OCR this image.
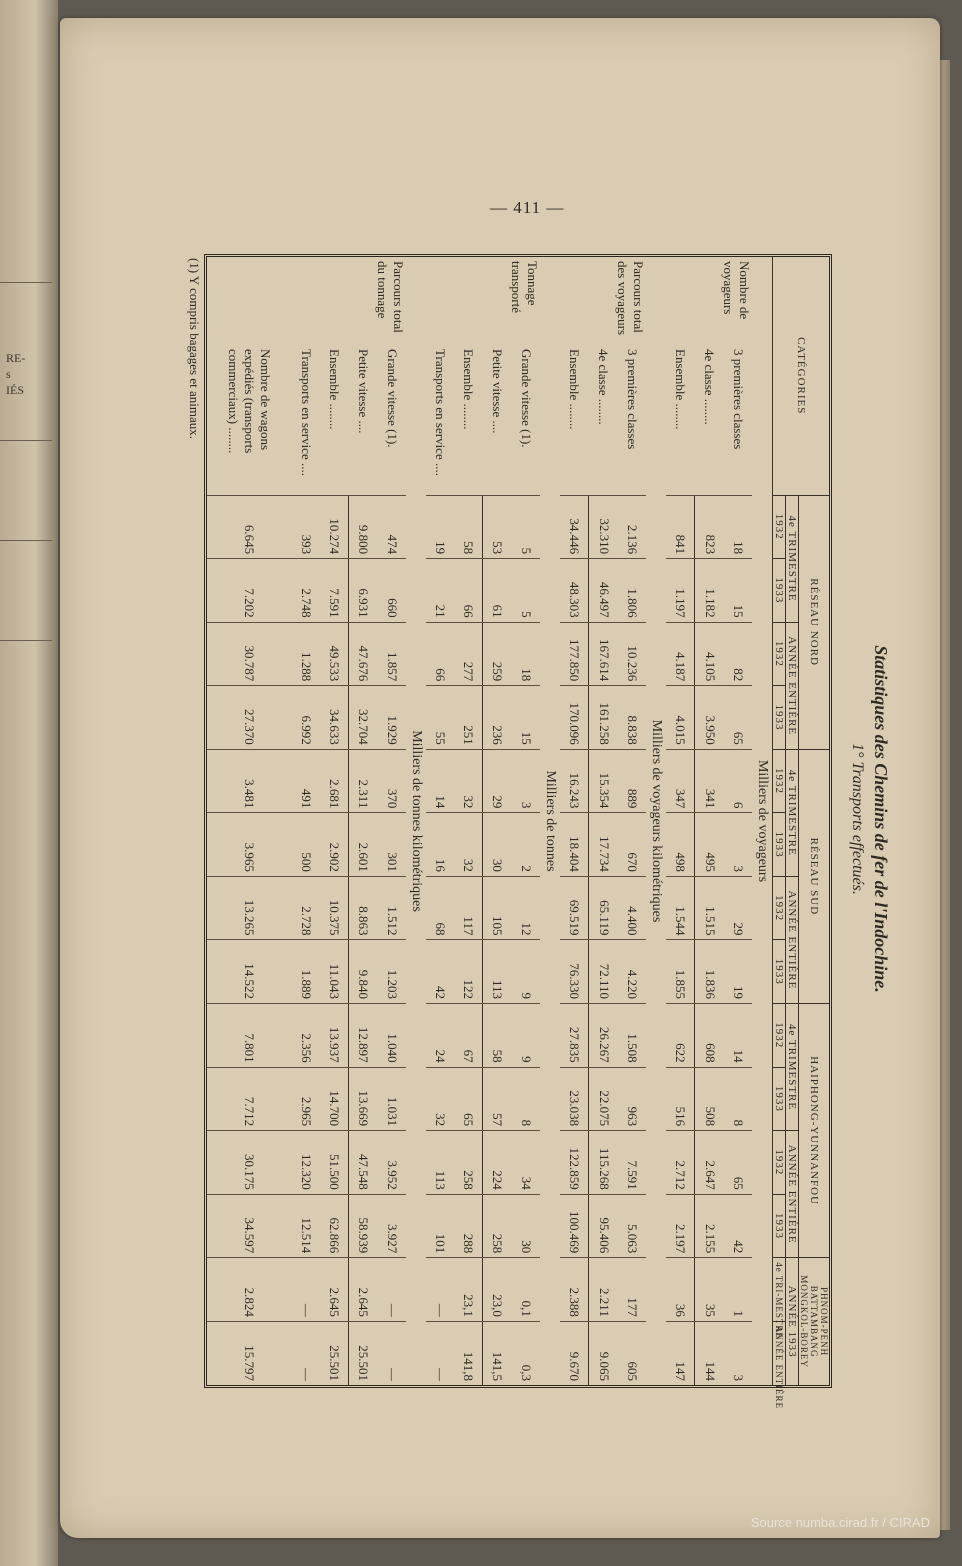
RE-
s
IÉS
— 411 —
Statistiques des Chemins de fer de l'Indochine.
1° Transports effectués.
CATÉGORIES		RÉSEAU NORD				RÉSEAU SUD				HAIPHONG-YUNNANFOU				PHNOM-PENH BATTAMBANG MONGKOL-BOREY	
		4e TRIMESTRE		ANNÉE ENTIÈRE		4e TRIMESTRE		ANNÉE ENTIÈRE		4e TRIMESTRE		ANNÉE ENTIÈRE		ANNÉE 1933	
		1932	1933	1932	1933	1932	1933	1932	1933	1932	1933	1932	1933	4e TRI-MESTRE	ANNÉE ENTIÈRE
Milliers de voyageurs															
Nombre de voyageurs	3 premières classes	18	15	82	65	6	3	29	19	14	8	65	42	1	3
	4e classe ........	823	1.182	4.105	3.950	341	495	1.515	1.836	608	508	2.647	2.155	35	144
	Ensemble ........	841	1.197	4.187	4.015	347	498	1.544	1.855	622	516	2.712	2.197	36	147
Milliers de voyageurs kilométriques															
Parcours total des voyageurs	3 premières classes	2.136	1.806	10.236	8.838	889	670	4.400	4.220	1.508	963	7.591	5.063	177	605
	4e classe ........	32.310	46.497	167.614	161.258	15.354	17.734	65.119	72.110	26.267	22.075	115.268	95.406	2.211	9.065
	Ensemble ........	34.446	48.303	177.850	170.096	16.243	18.404	69.519	76.330	27.835	23.038	122.859	100.469	2.388	9.670
Milliers de tonnes															
Tonnage transporté	Grande vitesse (1).	5	5	18	15	3	2	12	9	9	8	34	30	0,1	0,3
	Petite vitesse ....	53	61	259	236	29	30	105	113	58	57	224	258	23,0	141,5
	Ensemble ........	58	66	277	251	32	32	117	122	67	65	258	288	23,1	141,8
	Transports en service ....	19	21	66	55	14	16	68	42	24	32	113	101	—	—
Milliers de tonnes kilométriques															
Parcours total du tonnage	Grande vitesse (1).	474	660	1.857	1.929	370	301	1.512	1.203	1.040	1.031	3.952	3.927	—	—
	Petite vitesse ....	9.800	6.931	47.676	32.704	2.311	2.601	8.863	9.840	12.897	13.669	47.548	58.939	2.645	25.501
	Ensemble ........	10.274	7.591	49.533	34.633	2.681	2.902	10.375	11.043	13.937	14.700	51.500	62.866	2.645	25.501
	Transports en service ....	393	2.748	1.288	6.992	491	500	2.728	1.889	2.356	2.965	12.320	12.514	—	—
	Nombre de wagons expédiés (transports commerciaux) ........	6.645	7.202	30.787	27.370	3.481	3.965	13.265	14.522	7.801	7.712	30.175	34.597	2.824	15.797
(1) Y compris bagages et animaux.
Source numba.cirad.fr / CIRAD
